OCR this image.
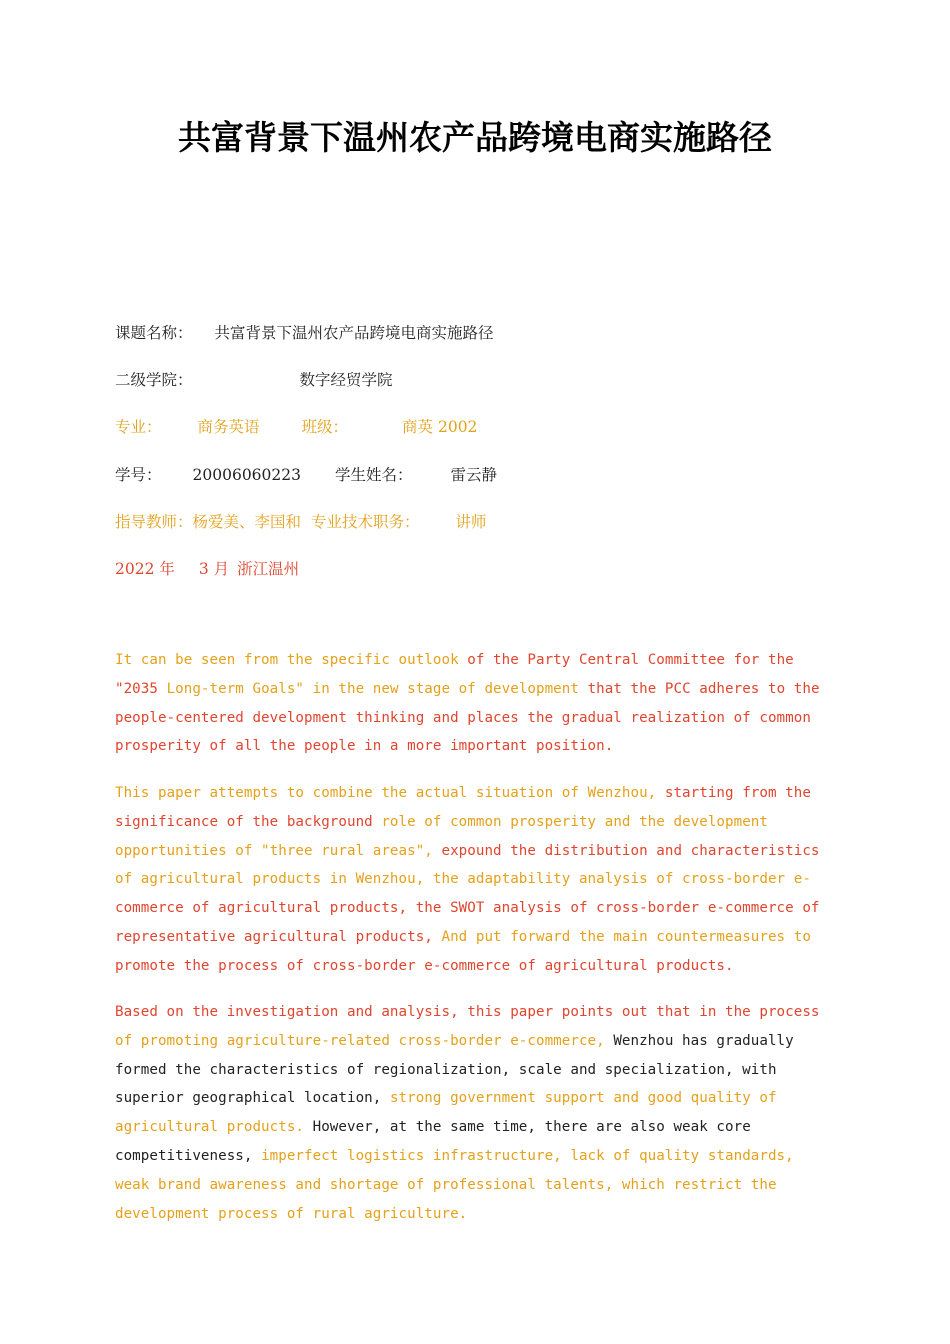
共富背景下温州农产品跨境电商实施路径
课题名称： 共富背景下温州农产品跨境电商实施路径
二级学院：	数字经贸学院
专业： 商务英语	班级：	商英 2002
学号： 20006060223 学生姓名： 雷云静
指导教师：杨爱美、李国和 专业技术职务： 讲师
2022 年 3 月 浙江温州

It can be seen from the specific outlook of the Party Central Committee for the "2035 Long-term Goals" in the new stage of development that the PCC adheres to the people-centered development thinking and places the gradual realization of common prosperity of all the people in a more important position.

This paper attempts to combine the actual situation of Wenzhou, starting from the significance of the background role of common prosperity and the development opportunities of "three rural areas", expound the distribution and characteristics of agricultural products in Wenzhou, the adaptability analysis of cross-border e-commerce of agricultural products, the SWOT analysis of cross-border e-commerce of representative agricultural products, And put forward the main countermeasures to promote the process of cross-border e-commerce of agricultural products.

Based on the investigation and analysis, this paper points out that in the process of promoting agriculture-related cross-border e-commerce, Wenzhou has gradually formed the characteristics of regionalization, scale and specialization, with superior geographical location, strong government support and good quality of agricultural products. However, at the same time, there are also weak core competitiveness, imperfect logistics infrastructure, lack of quality standards, weak brand awareness and shortage of professional talents, which restrict the development process of rural agriculture.
